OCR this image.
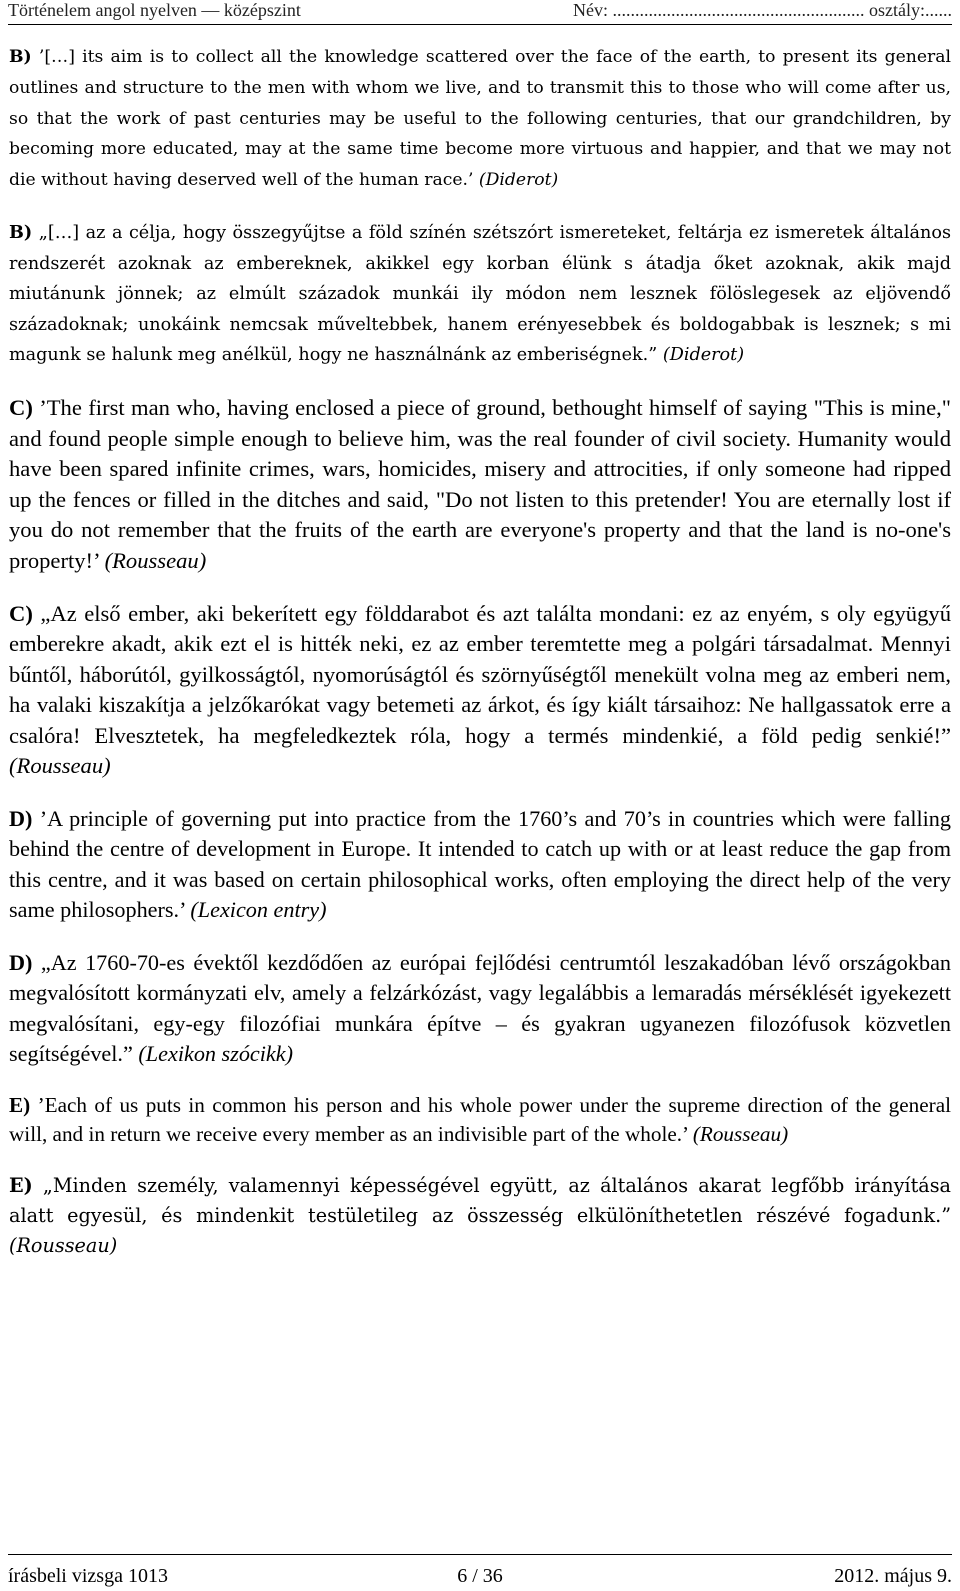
Történelem angol nyelven — középszint	Név: ........................................................ osztály:......

B) ’[…] its aim is to collect all the knowledge scattered over the face of the earth, to present its general outlines and structure to the men with whom we live, and to transmit this to those who will come after us, so that the work of past centuries may be useful to the following centuries, that our grandchildren, by becoming more educated, may at the same time become more virtuous and happier, and that we may not die without having deserved well of the human race.’ (Diderot)

B) „[…] az a célja, hogy összegyűjtse a föld színén szétszórt ismereteket, feltárja ez ismeretek általános rendszerét azoknak az embereknek, akikkel egy korban élünk s átadja őket azoknak, akik majd miutánunk jönnek; az elmúlt századok munkái ily módon nem lesznek fölöslegesek az eljövendő századoknak; unokáink nemcsak műveltebbek, hanem erényesebbek és boldogabbak is lesznek; s mi magunk se halunk meg anélkül, hogy ne használnánk az emberiségnek.” (Diderot)

C) ’The first man who, having enclosed a piece of ground, bethought himself of saying "This is mine," and found people simple enough to believe him, was the real founder of civil society. Humanity would have been spared infinite crimes, wars, homicides, misery and attrocities, if only someone had ripped up the fences or filled in the ditches and said, "Do not listen to this pretender! You are eternally lost if you do not remember that the fruits of the earth are everyone's property and that the land is no-one's property!’ (Rousseau)

C) „Az első ember, aki bekerített egy földdarabot és azt találta mondani: ez az enyém, s oly együgyű emberekre akadt, akik ezt el is hitték neki, ez az ember teremtette meg a polgári társadalmat. Mennyi bűntől, háborútól, gyilkosságtól, nyomorúságtól és szörnyűségtől menekült volna meg az emberi nem, ha valaki kiszakítja a jelzőkarókat vagy betemeti az árkot, és így kiált társaihoz: Ne hallgassatok erre a csalóra! Elvesztetek, ha megfeledkeztek róla, hogy a termés mindenkié, a föld pedig senkié!” (Rousseau)

D) ’A principle of governing put into practice from the 1760’s and 70’s in countries which were falling behind the centre of development in Europe. It intended to catch up with or at least reduce the gap from this centre, and it was based on certain philosophical works, often employing the direct help of the very same philosophers.’ (Lexicon entry)

D) „Az 1760-70-es évektől kezdődően az európai fejlődési centrumtól leszakadóban lévő országokban megvalósított kormányzati elv, amely a felzárkózást, vagy legalábbis a lemaradás mérséklését igyekezett megvalósítani, egy-egy filozófiai munkára építve – és gyakran ugyanezen filozófusok közvetlen segítségével.” (Lexikon szócikk)

E) ’Each of us puts in common his person and his whole power under the supreme direction of the general will, and in return we receive every member as an indivisible part of the whole.’ (Rousseau)

E) „Minden személy, valamennyi képességével együtt, az általános akarat legfőbb irányítása alatt egyesül, és mindenkit testületileg az összesség elkülöníthetetlen részévé fogadunk.” (Rousseau)

írásbeli vizsga 1013	6 / 36	2012. május 9.
